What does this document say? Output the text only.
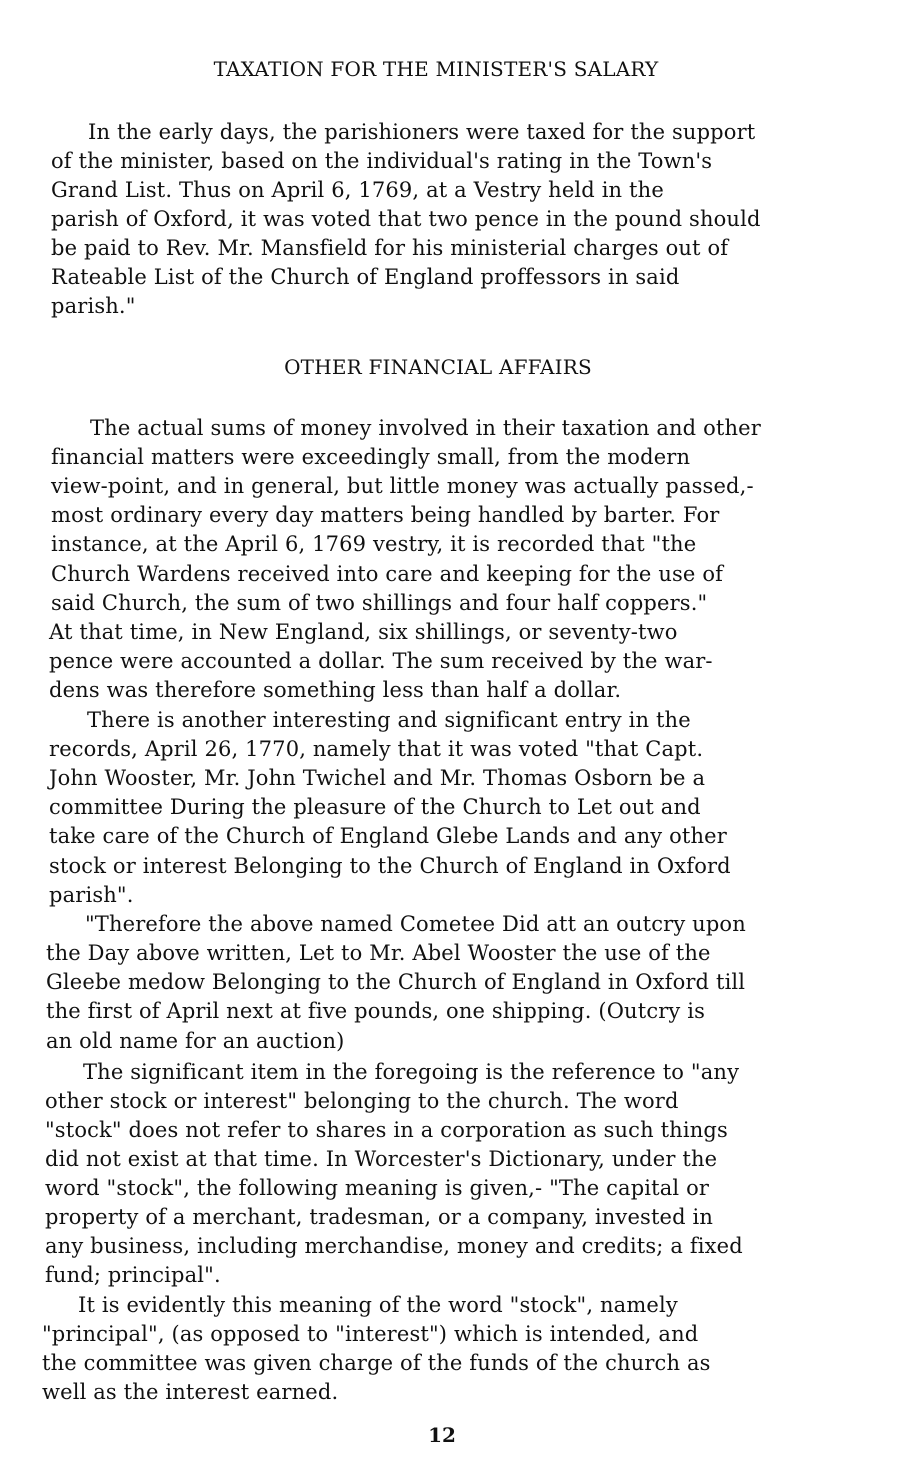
TAXATION FOR THE MINISTER'S SALARY
In the early days, the parishioners were taxed for the support
of the minister, based on the individual's rating in the Town's
Grand List. Thus on April 6, 1769, at a Vestry held in the
parish of Oxford, it was voted that two pence in the pound should
be paid to Rev. Mr. Mansfield for his ministerial charges out of
Rateable List of the Church of England proffessors in said
parish."
OTHER FINANCIAL AFFAIRS
The actual sums of money involved in their taxation and other
financial matters were exceedingly small, from the modern
view-point, and in general, but little money was actually passed,-
most ordinary every day matters being handled by barter. For
instance, at the April 6, 1769 vestry, it is recorded that "the
Church Wardens received into care and keeping for the use of
said Church, the sum of two shillings and four half coppers."
At that time, in New England, six shillings, or seventy-two
pence were accounted a dollar. The sum received by the war-
dens was therefore something less than half a dollar.
There is another interesting and significant entry in the
records, April 26, 1770, namely that it was voted "that Capt.
John Wooster, Mr. John Twichel and Mr. Thomas Osborn be a
committee During the pleasure of the Church to Let out and
take care of the Church of England Glebe Lands and any other
stock or interest Belonging to the Church of England in Oxford
parish".
"Therefore the above named Cometee Did att an outcry upon
the Day above written, Let to Mr. Abel Wooster the use of the
Gleebe medow Belonging to the Church of England in Oxford till
the first of April next at five pounds, one shipping. (Outcry is
an old name for an auction)
The significant item in the foregoing is the reference to "any
other stock or interest" belonging to the church. The word
"stock" does not refer to shares in a corporation as such things
did not exist at that time. In Worcester's Dictionary, under the
word "stock", the following meaning is given,- "The capital or
property of a merchant, tradesman, or a company, invested in
any business, including merchandise, money and credits; a fixed
fund; principal".
It is evidently this meaning of the word "stock", namely
"principal", (as opposed to "interest") which is intended, and
the committee was given charge of the funds of the church as
well as the interest earned.
12
